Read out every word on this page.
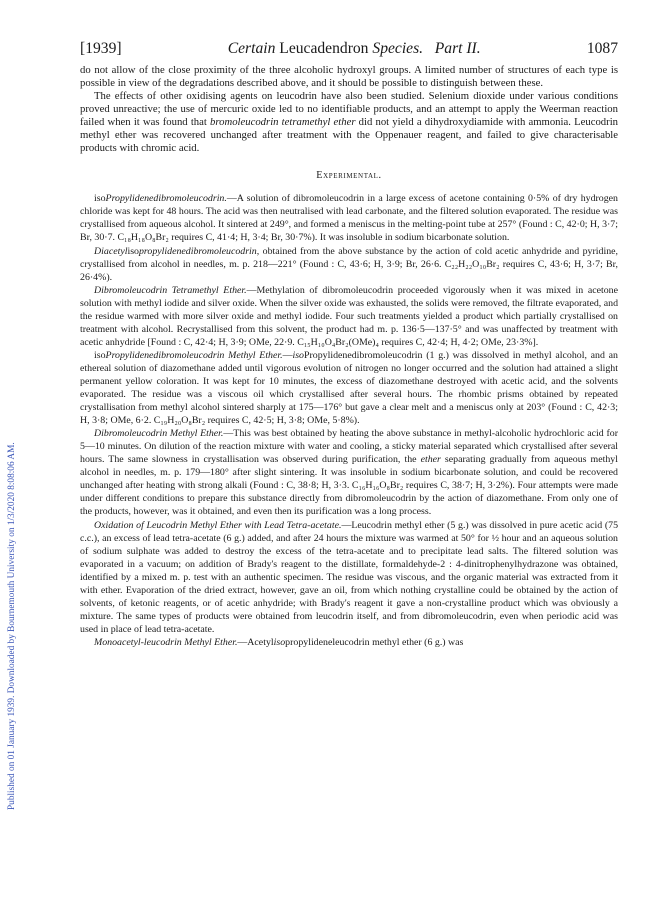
Published on 01 January 1939. Downloaded by Bournemouth University on 1/3/2020 8:08:06 AM.
[1939]	Certain Leucadendron Species.   Part II.	1087

do not allow of the close proximity of the three alcoholic hydroxyl groups. A limited number of structures of each type is possible in view of the degradations described above, and it should be possible to distinguish between these.

The effects of other oxidising agents on leucodrin have also been studied. Selenium dioxide under various conditions proved unreactive; the use of mercuric oxide led to no identifiable products, and an attempt to apply the Weerman reaction failed when it was found that bromoleucodrin tetramethyl ether did not yield a dihydroxydiamide with ammonia. Leucodrin methyl ether was recovered unchanged after treatment with the Oppenauer reagent, and failed to give characterisable products with chromic acid.

Experimental.

isoPropylidenedibromoleucodrin.—A solution of dibromoleucodrin in a large excess of acetone containing 0·5% of dry hydrogen chloride was kept for 48 hours. The acid was then neutralised with lead carbonate, and the filtered solution evaporated. The residue was crystallised from aqueous alcohol. It sintered at 249°, and formed a meniscus in the melting-point tube at 257° (Found : C, 42·0; H, 3·7; Br, 30·7. C₁₈H₁₈O₈Br₂ requires C, 41·4; H, 3·4; Br, 30·7%). It was insoluble in sodium bicarbonate solution.

Diacetylisopropylidenedibromoleucodrin, obtained from the above substance by the action of cold acetic anhydride and pyridine, crystallised from alcohol in needles, m. p. 218—221° (Found : C, 43·6; H, 3·9; Br, 26·6. C₂₂H₂₂O₁₀Br₂ requires C, 43·6; H, 3·7; Br, 26·4%).

Dibromoleucodrin Tetramethyl Ether.—Methylation of dibromoleucodrin proceeded vigorously when it was mixed in acetone solution with methyl iodide and silver oxide. When the silver oxide was exhausted, the solids were removed, the filtrate evaporated, and the residue warmed with more silver oxide and methyl iodide. Four such treatments yielded a product which partially crystallised on treatment with alcohol. Recrystallised from this solvent, the product had m. p. 136·5—137·5° and was unaffected by treatment with acetic anhydride [Found : C, 42·4; H, 3·9; OMe, 22·9. C₁₅H₁₀O₄Br₂(OMe)₄ requires C, 42·4; H, 4·2; OMe, 23·3%].

isoPropylidenedibromoleucodrin Methyl Ether.—isoPropylidenedibromoleucodrin (1 g.) was dissolved in methyl alcohol, and an ethereal solution of diazomethane added until vigorous evolution of nitrogen no longer occurred and the solution had attained a slight permanent yellow coloration. It was kept for 10 minutes, the excess of diazomethane destroyed with acetic acid, and the solvents evaporated. The residue was a viscous oil which crystallised after several hours. The rhombic prisms obtained by repeated crystallisation from methyl alcohol sintered sharply at 175—176° but gave a clear melt and a meniscus only at 203° (Found : C, 42·3; H, 3·8; OMe, 6·2. C₁₉H₂₀O₈Br₂ requires C, 42·5; H, 3·8; OMe, 5·8%).

Dibromoleucodrin Methyl Ether.—This was best obtained by heating the above substance in methyl-alcoholic hydrochloric acid for 5—10 minutes. On dilution of the reaction mixture with water and cooling, a sticky material separated which crystallised after several hours. The same slowness in crystallisation was observed during purification, the ether separating gradually from aqueous methyl alcohol in needles, m. p. 179—180° after slight sintering. It was insoluble in sodium bicarbonate solution, and could be recovered unchanged after heating with strong alkali (Found : C, 38·8; H, 3·3. C₁₆H₁₆O₈Br₂ requires C, 38·7; H, 3·2%). Four attempts were made under different conditions to prepare this substance directly from dibromoleucodrin by the action of diazomethane. From only one of the products, however, was it obtained, and even then its purification was a long process.

Oxidation of Leucodrin Methyl Ether with Lead Tetra-acetate.—Leucodrin methyl ether (5 g.) was dissolved in pure acetic acid (75 c.c.), an excess of lead tetra-acetate (6 g.) added, and after 24 hours the mixture was warmed at 50° for ½ hour and an aqueous solution of sodium sulphate was added to destroy the excess of the tetra-acetate and to precipitate lead salts. The filtered solution was evaporated in a vacuum; on addition of Brady's reagent to the distillate, formaldehyde-2 : 4-dinitrophenylhydrazone was obtained, identified by a mixed m. p. test with an authentic specimen. The residue was viscous, and the organic material was extracted from it with ether. Evaporation of the dried extract, however, gave an oil, from which nothing crystalline could be obtained by the action of solvents, of ketonic reagents, or of acetic anhydride; with Brady's reagent it gave a non-crystalline product which was obviously a mixture. The same types of products were obtained from leucodrin itself, and from dibromoleucodrin, even when periodic acid was used in place of lead tetra-acetate.

Monoacetyl-leucodrin Methyl Ether.—Acetylisopropylideneleucodrin methyl ether (6 g.) was
